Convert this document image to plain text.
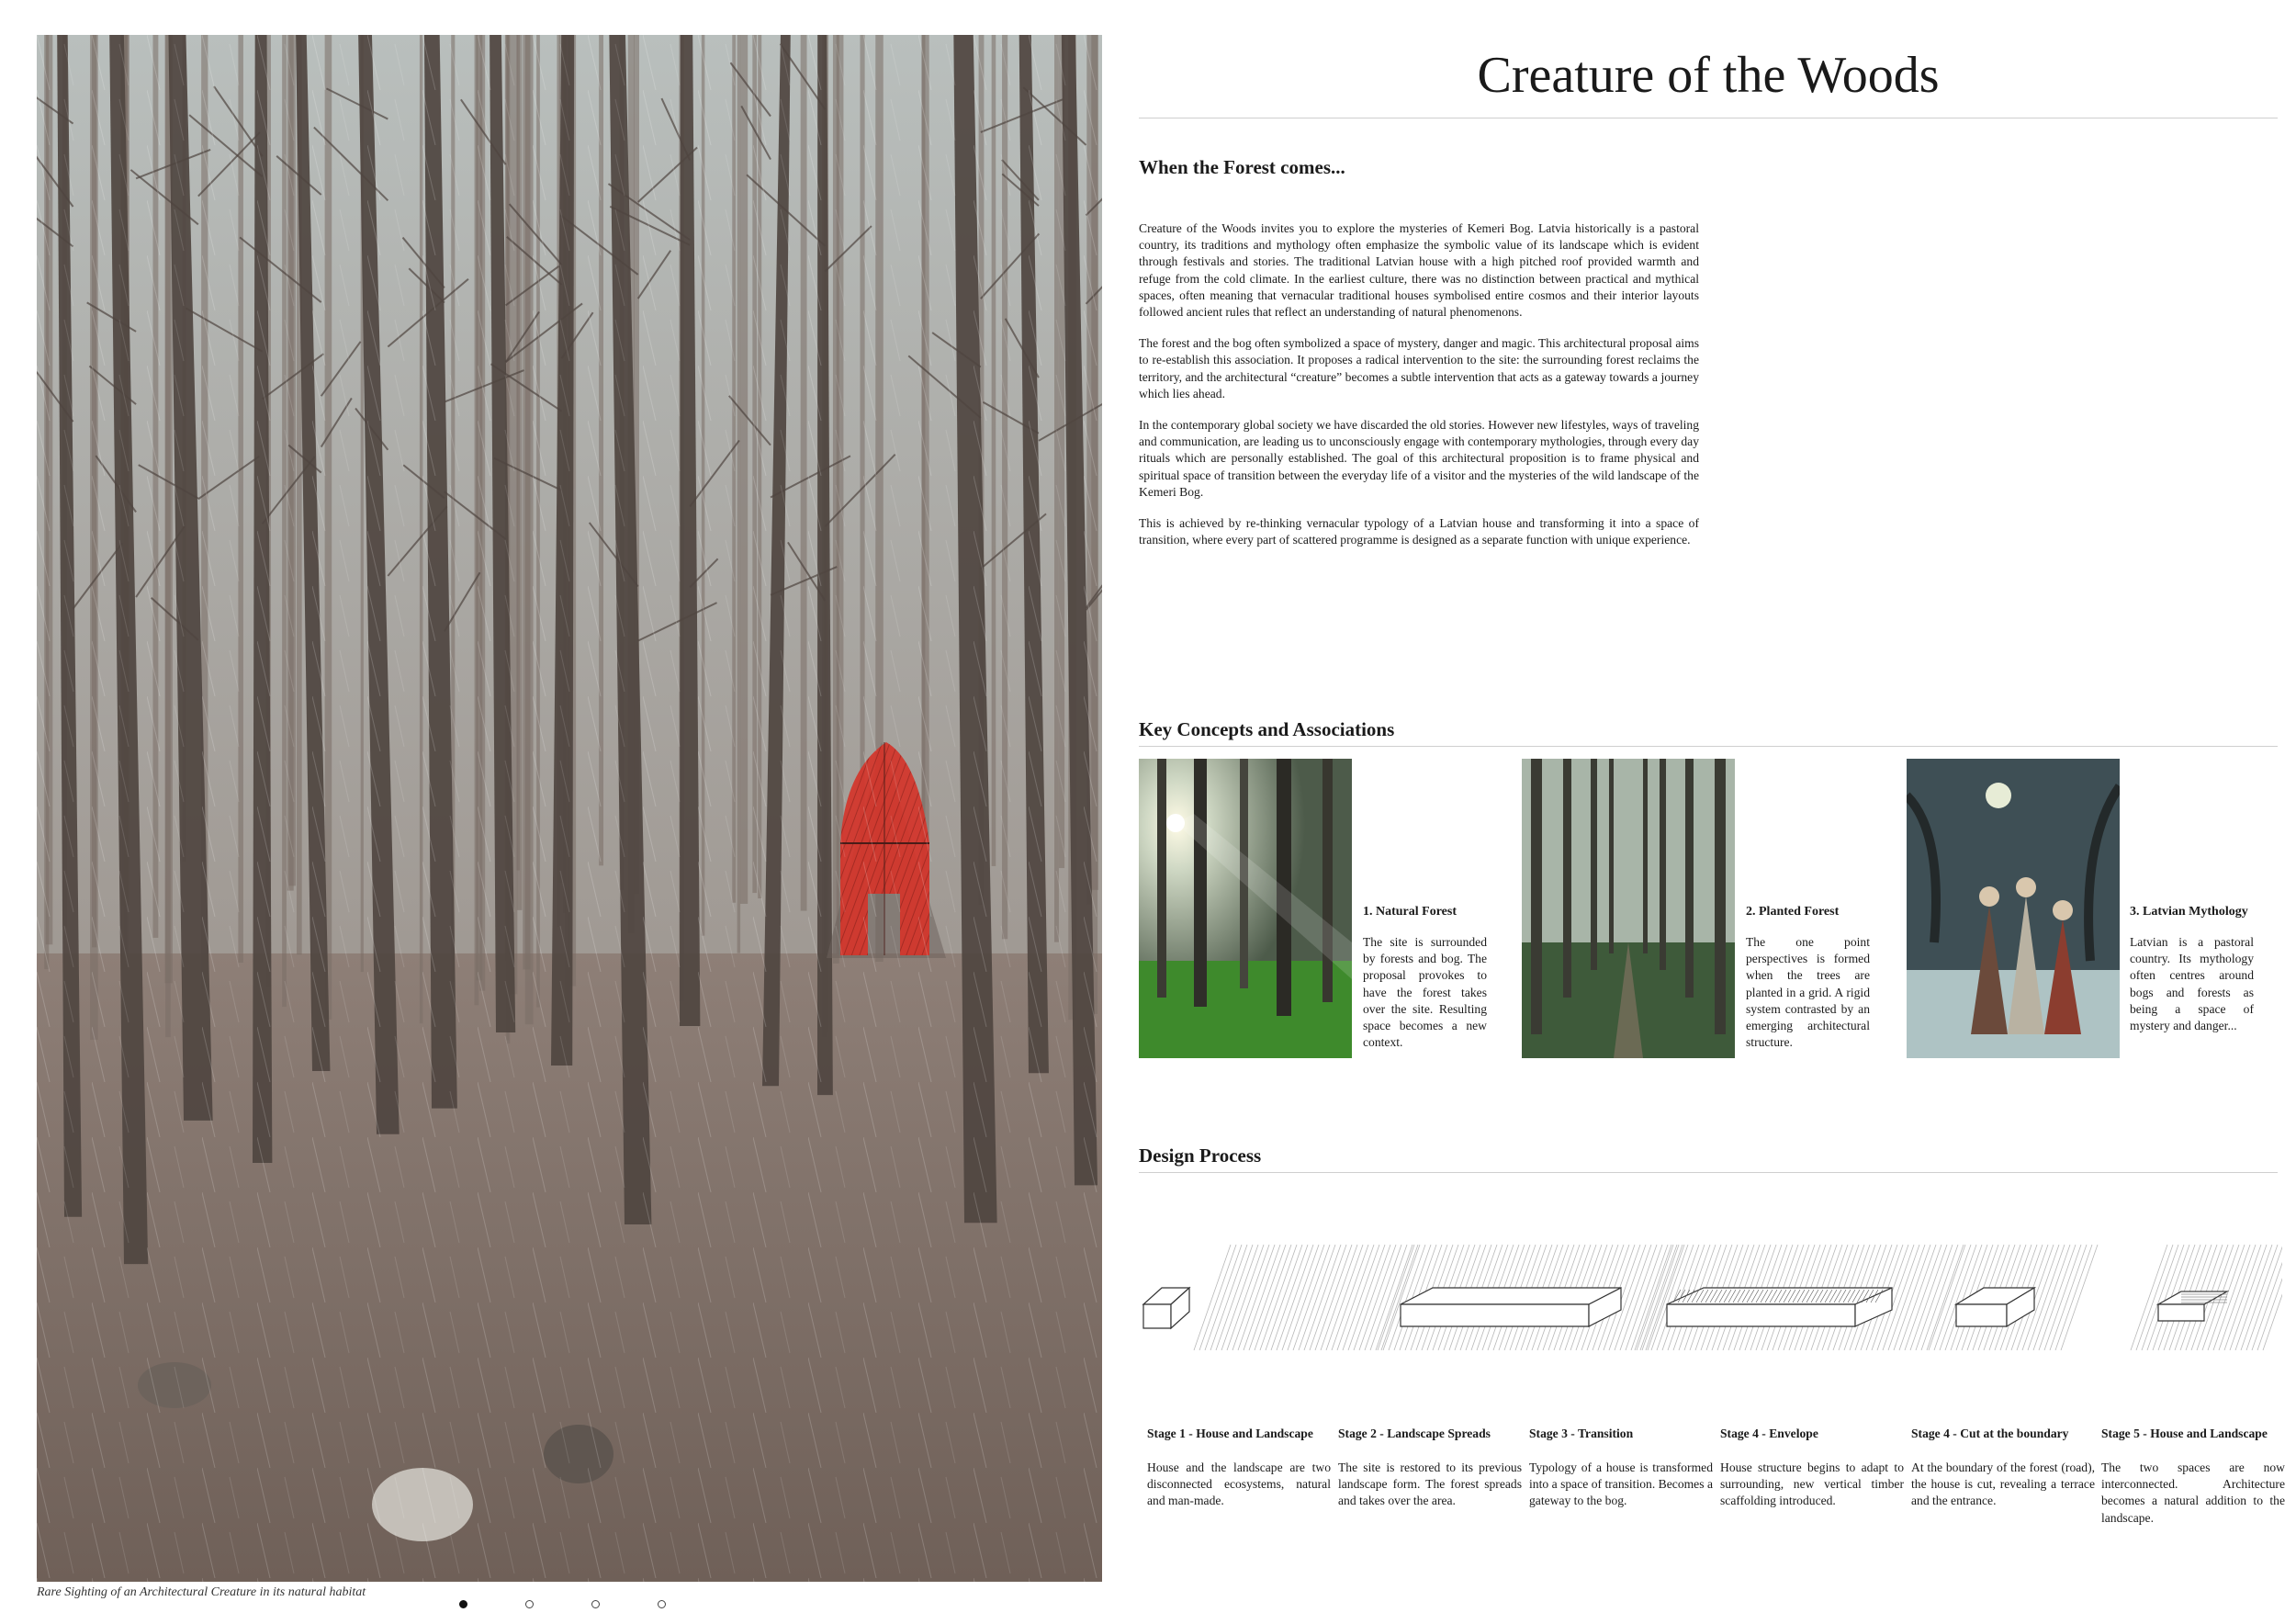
Rare Sighting of an Architectural Creature in its natural habitat
Creature of the Woods
When the Forest comes...

Creature of the Woods invites you to explore the mysteries of Kemeri Bog. Latvia historically is a pastoral country, its traditions and mythology often emphasize the symbolic value of its landscape which is evident through festivals and stories. The traditional Latvian house with a high pitched roof provided warmth and refuge from the cold climate. In the earliest culture, there was no distinction between practical and mythical spaces, often meaning that vernacular traditional houses symbolised entire cosmos and their interior layouts followed ancient rules that reflect an understanding of natural phenomenons.

The forest and the bog often symbolized a space of mystery, danger and magic. This architectural proposal aims to re-establish this association. It proposes a radical intervention to the site: the surrounding forest reclaims the territory, and the architectural “creature” becomes a subtle intervention that acts as a gateway towards a journey which lies ahead.

In the contemporary global society we have discarded the old stories. However new lifestyles, ways of traveling and communication, are leading us to unconsciously engage with contemporary mythologies, through every day rituals which are personally established. The goal of this architectural proposition is to frame physical and spiritual space of transition between the everyday life of a visitor and the mysteries of the wild landscape of the Kemeri Bog.

This is achieved by re-thinking vernacular typology of a Latvian house and transforming it into a space of transition, where every part of scattered programme is designed as a separate function with unique experience.

Key Concepts and Associations
1. Natural Forest
The site is surrounded by forests and bog. The proposal provokes to have the forest takes over the site. Resulting space becomes a new context.
2. Planted Forest
The one point perspectives is formed when the trees are planted in a grid. A rigid system contrasted by an emerging architectural structure.
3. Latvian Mythology
Latvian is a pastoral country. Its mythology often centres around bogs and forests as being a space of mystery and danger...
Design Process
Stage 1 - House and Landscape
House and the landscape are two disconnected ecosystems, natural and man-made.
Stage 2 - Landscape Spreads
The site is restored to its previous landscape form. The forest spreads and takes over the area.
Stage 3 - Transition
Typology of a house is transformed into a space of transition. Becomes a gateway to the bog.
Stage 4 - Envelope
House structure begins to adapt to surrounding, new vertical timber scaffolding introduced.
Stage 4 - Cut at the boundary
At the boundary of the forest (road), the house is cut, revealing a terrace and the entrance.
Stage 5 - House and Landscape
The two spaces are now interconnected. Architecture becomes a natural addition to the landscape.
